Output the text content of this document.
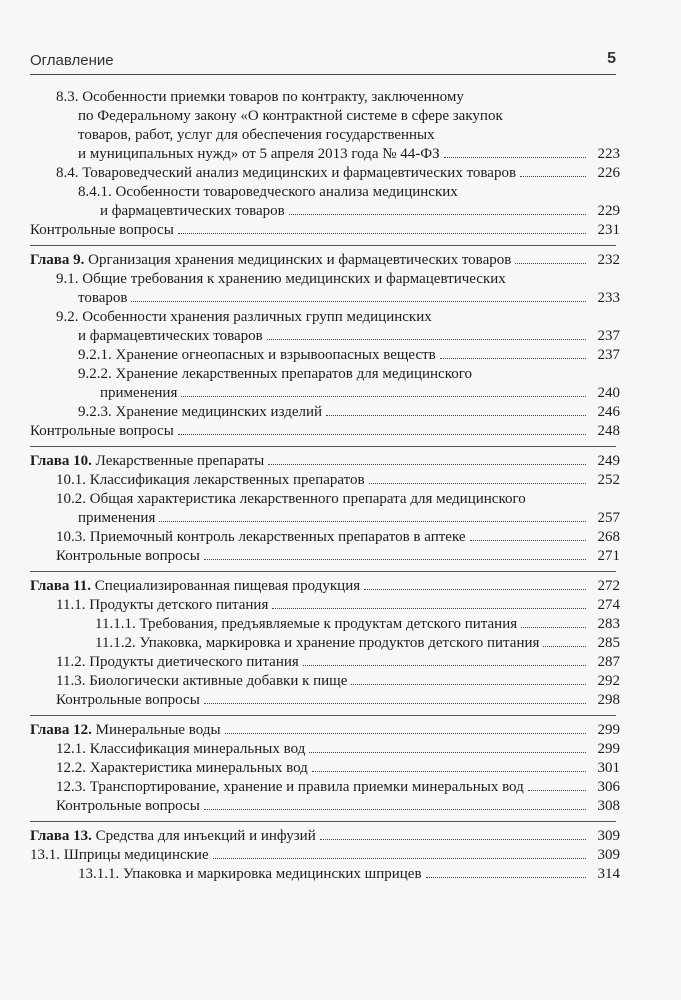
Оглавление	5
8.3. Особенности приемки товаров по контракту, заключенному
по Федеральному закону «О контрактной системе в сфере закупок
товаров, работ, услуг для обеспечения государственных
и муниципальных нужд» от 5 апреля 2013 года № 44-ФЗ	223
8.4. Товароведческий анализ медицинских и фармацевтических товаров	226
8.4.1. Особенности товароведческого анализа медицинских
и фармацевтических товаров	229
Контрольные вопросы	231
Глава 9. Организация хранения медицинских и фармацевтических товаров	232
9.1. Общие требования к хранению медицинских и фармацевтических
товаров	233
9.2. Особенности хранения различных групп медицинских
и фармацевтических товаров	237
9.2.1. Хранение огнеопасных и взрывоопасных веществ	237
9.2.2. Хранение лекарственных препаратов для медицинского
применения	240
9.2.3. Хранение медицинских изделий	246
Контрольные вопросы	248
Глава 10. Лекарственные препараты	249
10.1. Классификация лекарственных препаратов	252
10.2. Общая характеристика лекарственного препарата для медицинского
применения	257
10.3. Приемочный контроль лекарственных препаратов в аптеке	268
Контрольные вопросы	271
Глава 11. Специализированная пищевая продукция	272
11.1. Продукты детского питания	274
11.1.1. Требования, предъявляемые к продуктам детского питания	283
11.1.2. Упаковка, маркировка и хранение продуктов детского питания	285
11.2. Продукты диетического питания	287
11.3. Биологически активные добавки к пище	292
Контрольные вопросы	298
Глава 12. Минеральные воды	299
12.1. Классификация минеральных вод	299
12.2. Характеристика минеральных вод	301
12.3. Транспортирование, хранение и правила приемки минеральных вод	306
Контрольные вопросы	308
Глава 13. Средства для инъекций и инфузий	309
13.1. Шприцы медицинские	309
13.1.1. Упаковка и маркировка медицинских шприцев	314
